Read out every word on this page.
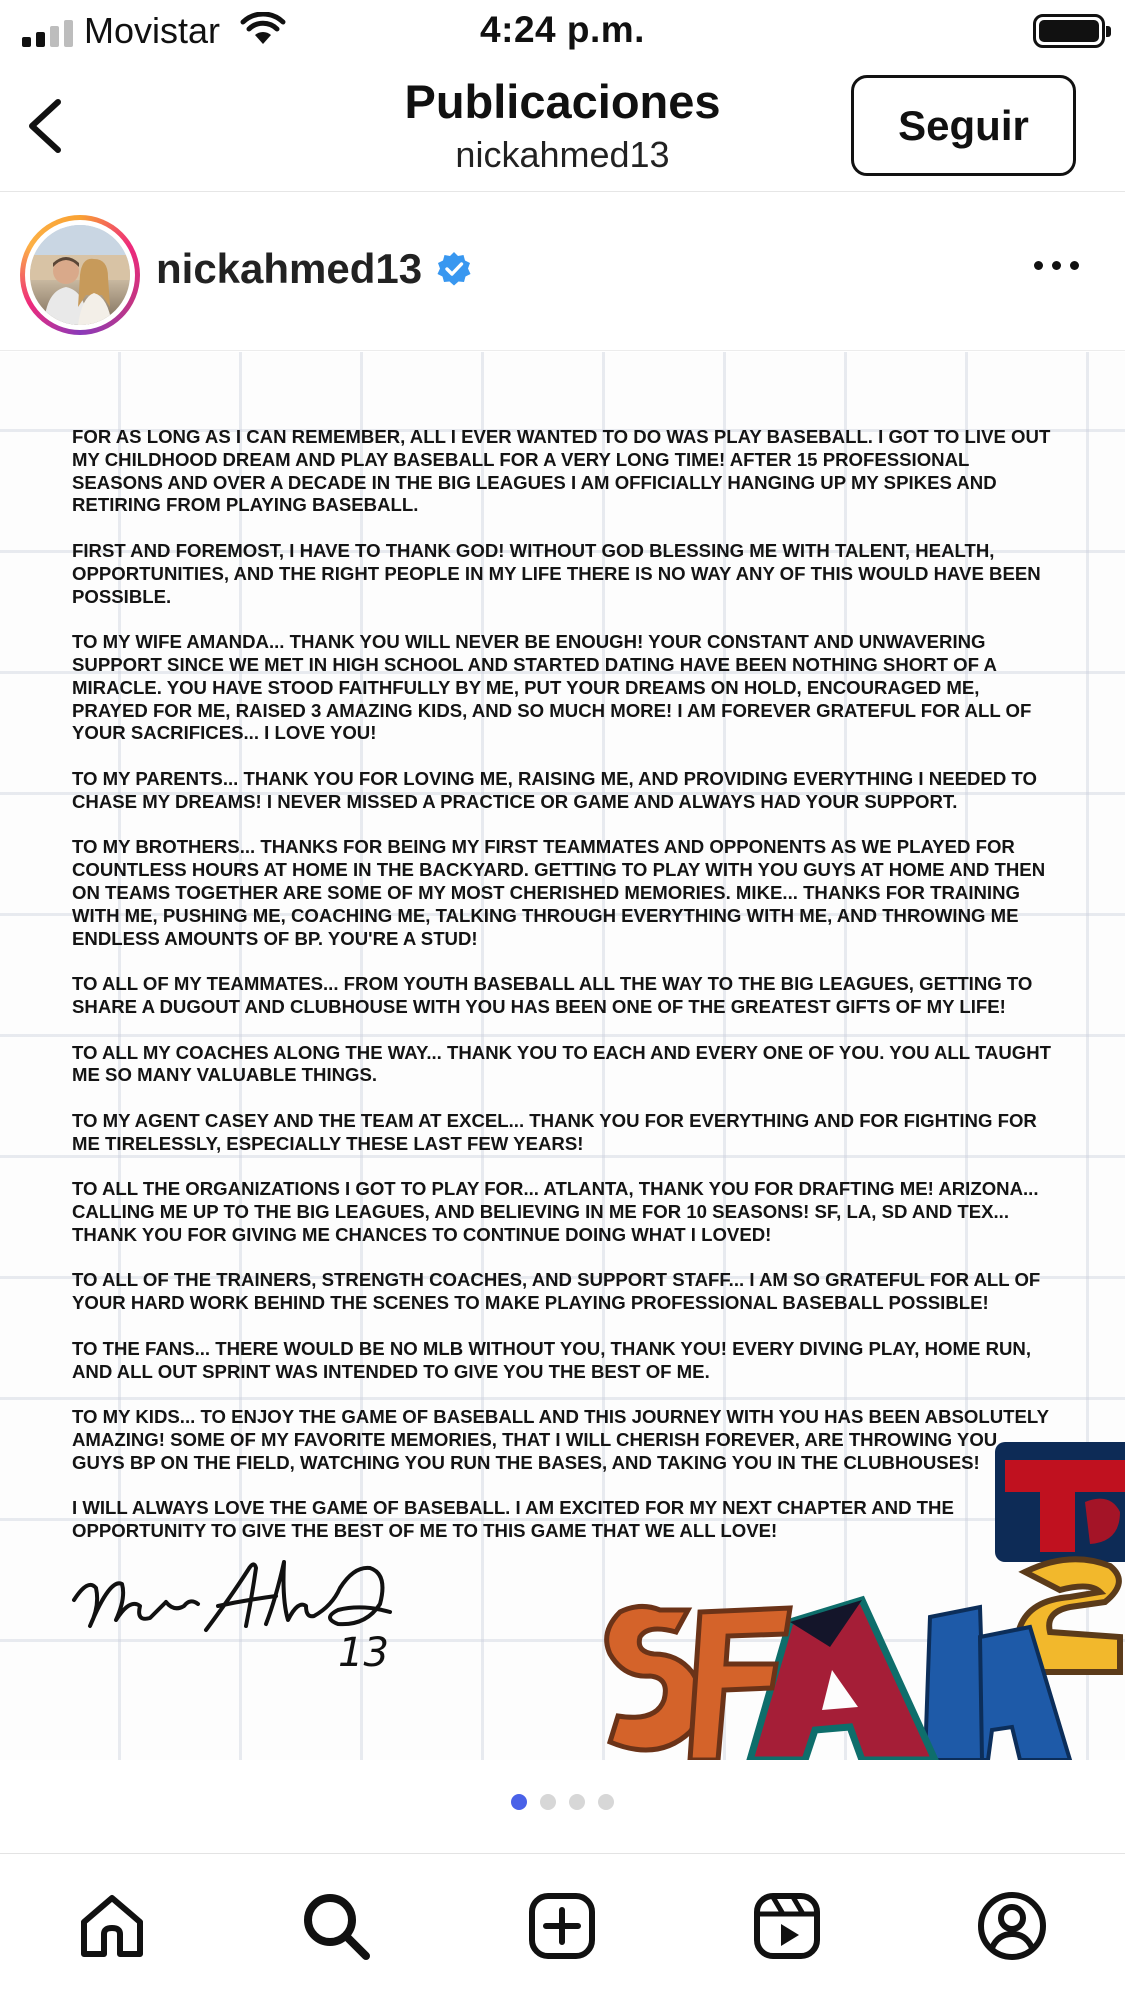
Movistar	4:24 p.m.
Publicaciones
nickahmed13
Seguir
nickahmed13

FOR AS LONG AS I CAN REMEMBER, ALL I EVER WANTED TO DO WAS PLAY BASEBALL. I GOT TO LIVE OUT MY CHILDHOOD DREAM AND PLAY BASEBALL FOR A VERY LONG TIME! AFTER 15 PROFESSIONAL SEASONS AND OVER A DECADE IN THE BIG LEAGUES I AM OFFICIALLY HANGING UP MY SPIKES AND RETIRING FROM PLAYING BASEBALL.

FIRST AND FOREMOST, I HAVE TO THANK GOD! WITHOUT GOD BLESSING ME WITH TALENT, HEALTH, OPPORTUNITIES, AND THE RIGHT PEOPLE IN MY LIFE THERE IS NO WAY ANY OF THIS WOULD HAVE BEEN POSSIBLE.

TO MY WIFE AMANDA... THANK YOU WILL NEVER BE ENOUGH! YOUR CONSTANT AND UNWAVERING SUPPORT SINCE WE MET IN HIGH SCHOOL AND STARTED DATING HAVE BEEN NOTHING SHORT OF A MIRACLE. YOU HAVE STOOD FAITHFULLY BY ME, PUT YOUR DREAMS ON HOLD, ENCOURAGED ME, PRAYED FOR ME, RAISED 3 AMAZING KIDS, AND SO MUCH MORE! I AM FOREVER GRATEFUL FOR ALL OF YOUR SACRIFICES... I LOVE YOU!

TO MY PARENTS... THANK YOU FOR LOVING ME, RAISING ME, AND PROVIDING EVERYTHING I NEEDED TO CHASE MY DREAMS! I NEVER MISSED A PRACTICE OR GAME AND ALWAYS HAD YOUR SUPPORT.

TO MY BROTHERS... THANKS FOR BEING MY FIRST TEAMMATES AND OPPONENTS AS WE PLAYED FOR COUNTLESS HOURS AT HOME IN THE BACKYARD. GETTING TO PLAY WITH YOU GUYS AT HOME AND THEN ON TEAMS TOGETHER ARE SOME OF MY MOST CHERISHED MEMORIES. MIKE... THANKS FOR TRAINING WITH ME, PUSHING ME, COACHING ME, TALKING THROUGH EVERYTHING WITH ME, AND THROWING ME ENDLESS AMOUNTS OF BP. YOU'RE A STUD!

TO ALL OF MY TEAMMATES... FROM YOUTH BASEBALL ALL THE WAY TO THE BIG LEAGUES, GETTING TO SHARE A DUGOUT AND CLUBHOUSE WITH YOU HAS BEEN ONE OF THE GREATEST GIFTS OF MY LIFE!

TO ALL MY COACHES ALONG THE WAY... THANK YOU TO EACH AND EVERY ONE OF YOU. YOU ALL TAUGHT ME SO MANY VALUABLE THINGS.

TO MY AGENT CASEY AND THE TEAM AT EXCEL... THANK YOU FOR EVERYTHING AND FOR FIGHTING FOR ME TIRELESSLY, ESPECIALLY THESE LAST FEW YEARS!

TO ALL THE ORGANIZATIONS I GOT TO PLAY FOR... ATLANTA, THANK YOU FOR DRAFTING ME! ARIZONA... CALLING ME UP TO THE BIG LEAGUES, AND BELIEVING IN ME FOR 10 SEASONS! SF, LA, SD AND TEX... THANK YOU FOR GIVING ME CHANCES TO CONTINUE DOING WHAT I LOVED!

TO ALL OF THE TRAINERS, STRENGTH COACHES, AND SUPPORT STAFF... I AM SO GRATEFUL FOR ALL OF YOUR HARD WORK BEHIND THE SCENES TO MAKE PLAYING PROFESSIONAL BASEBALL POSSIBLE!

TO THE FANS... THERE WOULD BE NO MLB WITHOUT YOU, THANK YOU! EVERY DIVING PLAY, HOME RUN, AND ALL OUT SPRINT WAS INTENDED TO GIVE YOU THE BEST OF ME.

TO MY KIDS... TO ENJOY THE GAME OF BASEBALL AND THIS JOURNEY WITH YOU HAS BEEN ABSOLUTELY AMAZING! SOME OF MY FAVORITE MEMORIES, THAT I WILL CHERISH FOREVER, ARE THROWING YOU GUYS BP ON THE FIELD, WATCHING YOU RUN THE BASES, AND TAKING YOU IN THE CLUBHOUSES!

I WILL ALWAYS LOVE THE GAME OF BASEBALL. I AM EXCITED FOR MY NEXT CHAPTER AND THE OPPORTUNITY TO GIVE THE BEST OF ME TO THIS GAME THAT WE ALL LOVE!

13
